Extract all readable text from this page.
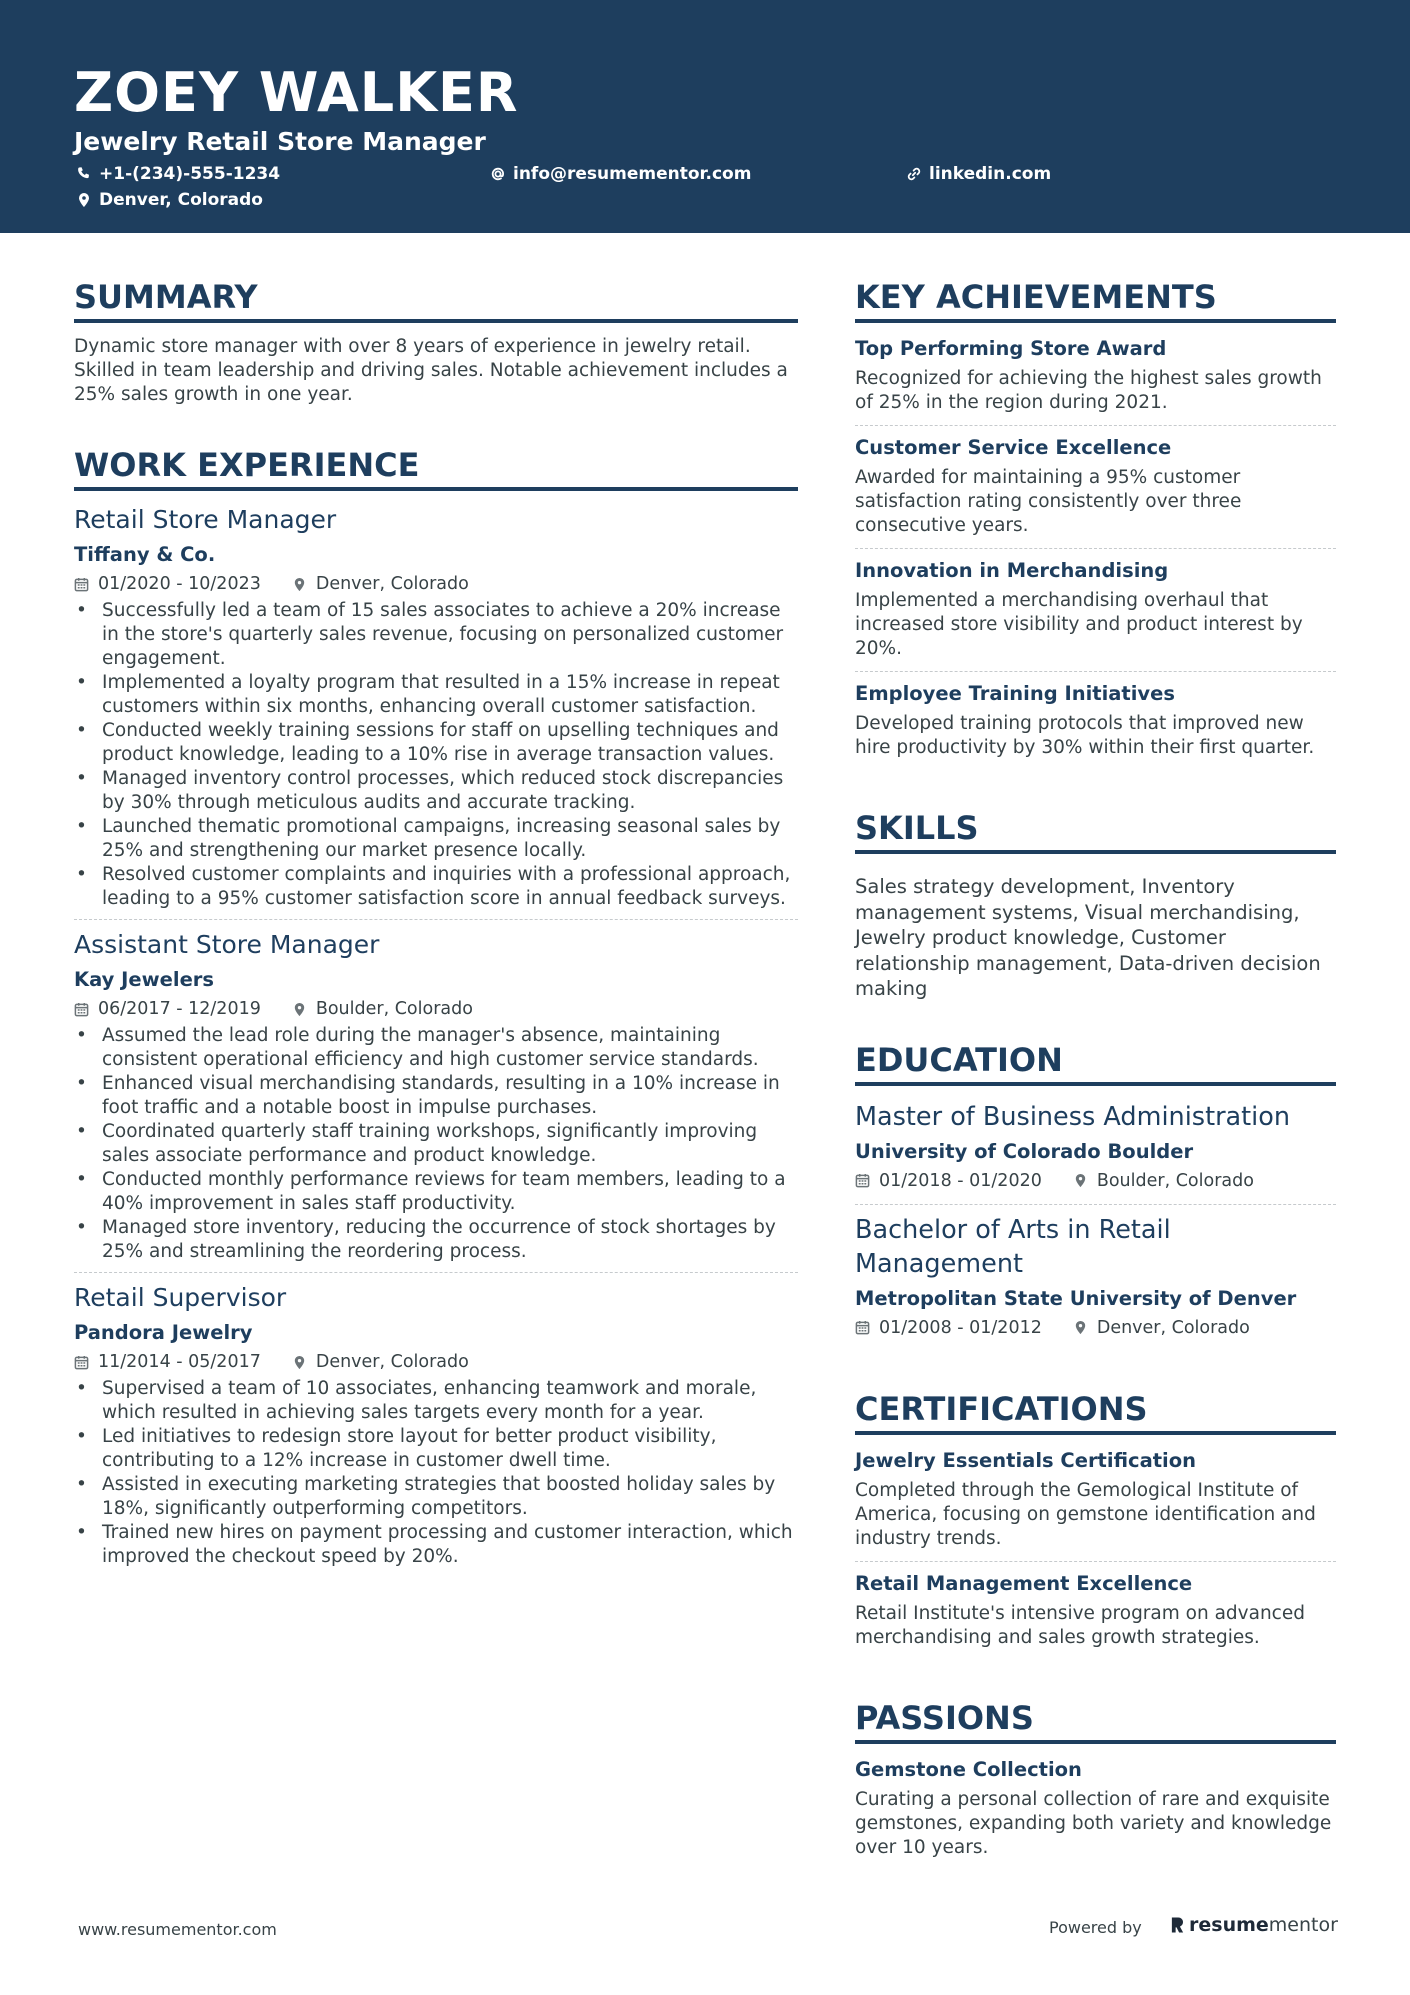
ZOEY WALKER
Jewelry Retail Store Manager
+1-(234)-555-1234	info@resumementor.com	linkedin.com
Denver, Colorado
SUMMARY
Dynamic store manager with over 8 years of experience in jewelry retail. Skilled in team leadership and driving sales. Notable achievement includes a 25% sales growth in one year.
WORK EXPERIENCE
Retail Store Manager
Tiffany & Co.
01/2020 - 10/2023	Denver, Colorado
• Successfully led a team of 15 sales associates to achieve a 20% increase in the store's quarterly sales revenue, focusing on personalized customer engagement.
• Implemented a loyalty program that resulted in a 15% increase in repeat customers within six months, enhancing overall customer satisfaction.
• Conducted weekly training sessions for staff on upselling techniques and product knowledge, leading to a 10% rise in average transaction values.
• Managed inventory control processes, which reduced stock discrepancies by 30% through meticulous audits and accurate tracking.
• Launched thematic promotional campaigns, increasing seasonal sales by 25% and strengthening our market presence locally.
• Resolved customer complaints and inquiries with a professional approach, leading to a 95% customer satisfaction score in annual feedback surveys.
Assistant Store Manager
Kay Jewelers
06/2017 - 12/2019	Boulder, Colorado
• Assumed the lead role during the manager's absence, maintaining consistent operational efficiency and high customer service standards.
• Enhanced visual merchandising standards, resulting in a 10% increase in foot traffic and a notable boost in impulse purchases.
• Coordinated quarterly staff training workshops, significantly improving sales associate performance and product knowledge.
• Conducted monthly performance reviews for team members, leading to a 40% improvement in sales staff productivity.
• Managed store inventory, reducing the occurrence of stock shortages by 25% and streamlining the reordering process.
Retail Supervisor
Pandora Jewelry
11/2014 - 05/2017	Denver, Colorado
• Supervised a team of 10 associates, enhancing teamwork and morale, which resulted in achieving sales targets every month for a year.
• Led initiatives to redesign store layout for better product visibility, contributing to a 12% increase in customer dwell time.
• Assisted in executing marketing strategies that boosted holiday sales by 18%, significantly outperforming competitors.
• Trained new hires on payment processing and customer interaction, which improved the checkout speed by 20%.
KEY ACHIEVEMENTS
Top Performing Store Award
Recognized for achieving the highest sales growth of 25% in the region during 2021.
Customer Service Excellence
Awarded for maintaining a 95% customer satisfaction rating consistently over three consecutive years.
Innovation in Merchandising
Implemented a merchandising overhaul that increased store visibility and product interest by 20%.
Employee Training Initiatives
Developed training protocols that improved new hire productivity by 30% within their first quarter.
SKILLS
Sales strategy development, Inventory management systems, Visual merchandising, Jewelry product knowledge, Customer relationship management, Data-driven decision making
EDUCATION
Master of Business Administration
University of Colorado Boulder
01/2018 - 01/2020	Boulder, Colorado
Bachelor of Arts in Retail Management
Metropolitan State University of Denver
01/2008 - 01/2012	Denver, Colorado
CERTIFICATIONS
Jewelry Essentials Certification
Completed through the Gemological Institute of America, focusing on gemstone identification and industry trends.
Retail Management Excellence
Retail Institute's intensive program on advanced merchandising and sales growth strategies.
PASSIONS
Gemstone Collection
Curating a personal collection of rare and exquisite gemstones, expanding both variety and knowledge over 10 years.
www.resumementor.com	Powered by resume mentor
